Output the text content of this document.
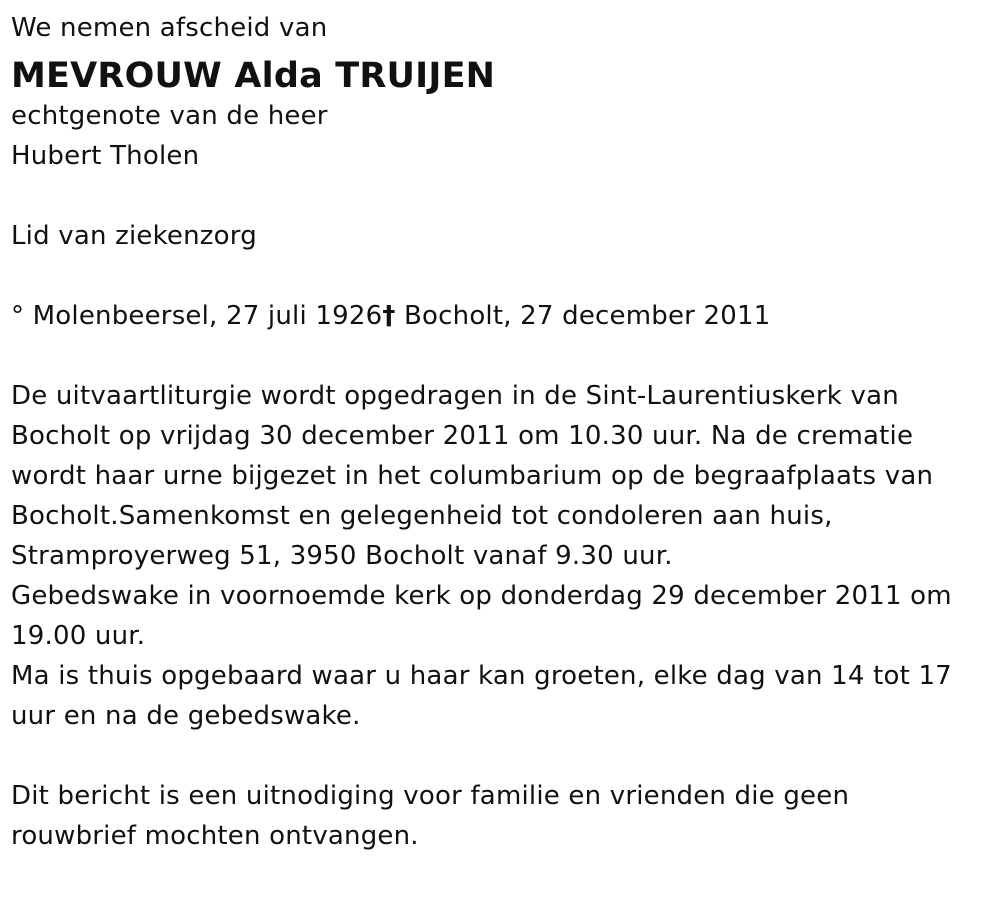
We nemen afscheid van
MEVROUW Alda TRUIJEN
echtgenote van de heer
Hubert Tholen
Lid van ziekenzorg
° Molenbeersel, 27 juli 1926† Bocholt, 27 december 2011
De uitvaartliturgie wordt opgedragen in de Sint-Laurentiuskerk van
Bocholt op vrijdag 30 december 2011 om 10.30 uur. Na de crematie
wordt haar urne bijgezet in het columbarium op de begraafplaats van
Bocholt.Samenkomst en gelegenheid tot condoleren aan huis,
Stramproyerweg 51, 3950 Bocholt vanaf 9.30 uur.
Gebedswake in voornoemde kerk op donderdag 29 december 2011 om
19.00 uur.
Ma is thuis opgebaard waar u haar kan groeten, elke dag van 14 tot 17
uur en na de gebedswake.
Dit bericht is een uitnodiging voor familie en vrienden die geen
rouwbrief mochten ontvangen.
